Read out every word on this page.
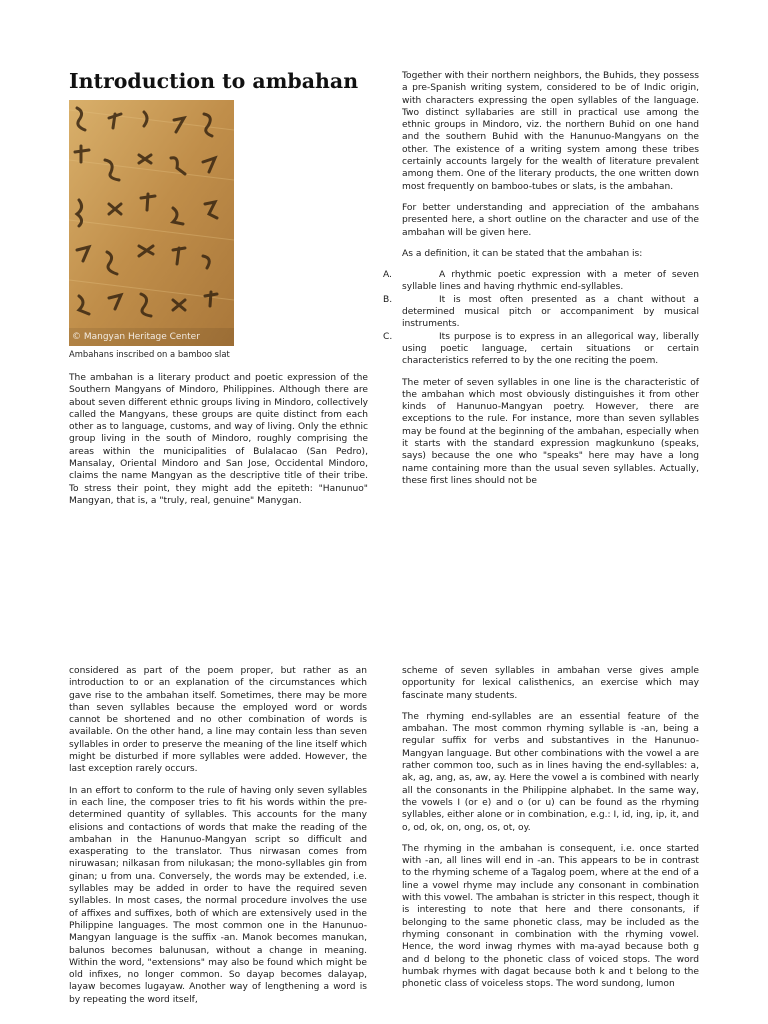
Introduction to ambahan
© Mangyan Heritage Center
Ambahans inscribed on a bamboo slat

The ambahan is a literary product and poetic expression of the Southern Mangyans of Mindoro, Philippines. Although there are about seven different ethnic groups living in Mindoro, collectively called the Mangyans, these groups are quite distinct from each other as to language, customs, and way of living. Only the ethnic group living in the south of Mindoro, roughly comprising the areas within the municipalities of Bulalacao (San Pedro), Mansalay, Oriental Mindoro and San Jose, Occidental Mindoro, claims the name Mangyan as the descriptive title of their tribe. To stress their point, they might add the epiteth: "Hanunuo" Mangyan, that is, a "truly, real, genuine" Manygan.

Together with their northern neighbors, the Buhids, they possess a pre-Spanish writing system, considered to be of Indic origin, with characters expressing the open syllables of the language. Two distinct syllabaries are still in practical use among the ethnic groups in Mindoro, viz. the northern Buhid on one hand and the southern Buhid with the Hanunuo-Mangyans on the other. The existence of a writing system among these tribes certainly accounts largely for the wealth of literature prevalent among them. One of the literary products, the one written down most frequently on bamboo-tubes or slats, is the ambahan.

For better understanding and appreciation of the ambahans presented here, a short outline on the character and use of the ambahan will be given here.

As a definition, it can be stated that the ambahan is:

A.	A rhythmic poetic expression with a meter of seven syllable lines and having rhythmic end-syllables.
B.	It is most often presented as a chant without a determined musical pitch or accompaniment by musical instruments.
C.	Its purpose is to express in an allegorical way, liberally using poetic language, certain situations or certain characteristics referred to by the one reciting the poem.

The meter of seven syllables in one line is the characteristic of the ambahan which most obviously distinguishes it from other kinds of Hanunuo-Mangyan poetry. However, there are exceptions to the rule. For instance, more than seven syllables may be found at the beginning of the ambahan, especially when it starts with the standard expression magkunkuno (speaks, says) because the one who "speaks" here may have a long name containing more than the usual seven syllables. Actually, these first lines should not be

considered as part of the poem proper, but rather as an introduction to or an explanation of the circumstances which gave rise to the ambahan itself. Sometimes, there may be more than seven syllables because the employed word or words cannot be shortened and no other combination of words is available. On the other hand, a line may contain less than seven syllables in order to preserve the meaning of the line itself which might be disturbed if more syllables were added. However, the last exception rarely occurs.

In an effort to conform to the rule of having only seven syllables in each line, the composer tries to fit his words within the pre-determined quantity of syllables. This accounts for the many elisions and contactions of words that make the reading of the ambahan in the Hanunuo-Mangyan script so difficult and exasperating to the translator. Thus nirwasan comes from niruwasan; nilkasan from nilukasan; the mono-syllables gin from ginan; u from una. Conversely, the words may be extended, i.e. syllables may be added in order to have the required seven syllables. In most cases, the normal procedure involves the use of affixes and suffixes, both of which are extensively used in the Philippine languages. The most common one in the Hanunuo-Mangyan language is the suffix -an. Manok becomes manukan, balunos becomes balunusan, without a change in meaning. Within the word, "extensions" may also be found which might be old infixes, no longer common. So dayap becomes dalayap, layaw becomes lugayaw. Another way of lengthening a word is by repeating the word itself,

scheme of seven syllables in ambahan verse gives ample opportunity for lexical calisthenics, an exercise which may fascinate many students.

The rhyming end-syllables are an essential feature of the ambahan. The most common rhyming syllable is -an, being a regular suffix for verbs and substantives in the Hanunuo-Mangyan language. But other combinations with the vowel a are rather common too, such as in lines having the end-syllables: a, ak, ag, ang, as, aw, ay. Here the vowel a is combined with nearly all the consonants in the Philippine alphabet. In the same way, the vowels I (or e) and o (or u) can be found as the rhyming syllables, either alone or in combination, e.g.: I, id, ing, ip, it, and o, od, ok, on, ong, os, ot, oy.

The rhyming in the ambahan is consequent, i.e. once started with -an, all lines will end in -an. This appears to be in contrast to the rhyming scheme of a Tagalog poem, where at the end of a line a vowel rhyme may include any consonant in combination with this vowel. The ambahan is stricter in this respect, though it is interesting to note that here and there consonants, if belonging to the same phonetic class, may be included as the rhyming consonant in combination with the rhyming vowel. Hence, the word inwag rhymes with ma-ayad because both g and d belong to the phonetic class of voiced stops. The word humbak rhymes with dagat because both k and t belong to the phonetic class of voiceless stops. The word sundong, lumon
